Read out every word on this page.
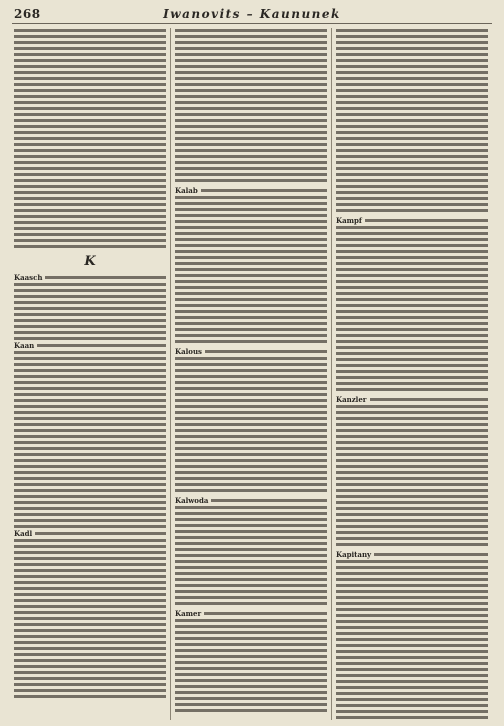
268	Iwanovits – Kaununek
K
Kaasch
Kaan
Kadl
Kalab
Kalous
Kalwoda
Kamer
Kampf
Kanzler
Kapitany
